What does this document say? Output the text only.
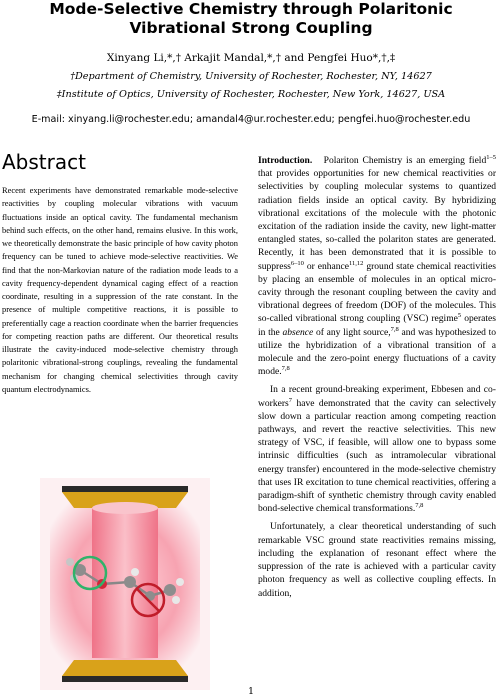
Mode-Selective Chemistry through Polaritonic Vibrational Strong Coupling
Xinyang Li,*,† Arkajit Mandal,*,† and Pengfei Huo*,†,‡
†Department of Chemistry, University of Rochester, Rochester, NY, 14627
‡Institute of Optics, University of Rochester, Rochester, New York, 14627, USA
E-mail: xinyang.li@rochester.edu; amandal4@ur.rochester.edu; pengfei.huo@rochester.edu
Abstract
Recent experiments have demonstrated remarkable mode-selective reactivities by coupling molecular vibrations with vacuum fluctuations inside an optical cavity. The fundamental mechanism behind such effects, on the other hand, remains elusive. In this work, we theoretically demonstrate the basic principle of how cavity photon frequency can be tuned to achieve mode-selective reactivities. We find that the non-Markovian nature of the radiation mode leads to a cavity frequency-dependent dynamical caging effect of a reaction coordinate, resulting in a suppression of the rate constant. In the presence of multiple competitive reactions, it is possible to preferentially cage a reaction coordinate when the barrier frequencies for competing reaction paths are different. Our theoretical results illustrate the cavity-induced mode-selective chemistry through polaritonic vibrational-strong couplings, revealing the fundamental mechanism for changing chemical selectivities through cavity quantum electrodynamics.

Introduction. Polariton Chemistry is an emerging field$^{1-5}$ that provides opportunities for new chemical reactivities or selectivities by coupling molecular systems to quantized radiation fields inside an optical cavity. By hybridizing vibrational excitations of the molecule with the photonic excitation of the radiation inside the cavity, new light-matter entangled states, so-called the polariton states are generated. Recently, it has been demonstrated that it is possible to suppress$^{6-10}$ or enhance$^{11,12}$ ground state chemical reactivities by placing an ensemble of molecules in an optical micro-cavity through the resonant coupling between the cavity and vibrational degrees of freedom (DOF) of the molecules. This so-called vibrational strong coupling (VSC) regime$^5$ operates in the absence of any light source,$^{7,8}$ and was hypothesized to utilize the hybridization of a vibrational transition of a molecule and the zero-point energy fluctuations of a cavity mode.$^{7,8}$

In a recent ground-breaking experiment, Ebbesen and co-workers$^7$ have demonstrated that the cavity can selectively slow down a particular reaction among competing reaction pathways, and revert the reactive selectivities. This new strategy of VSC, if feasible, will allow one to bypass some intrinsic difficulties (such as intramolecular vibrational energy transfer) encountered in the mode-selective chemistry that uses IR excitation to tune chemical reactivities, offering a paradigm-shift of synthetic chemistry through cavity enabled bond-selective chemical transformations.$^{7,8}$

Unfortunately, a clear theoretical understanding of such remarkable VSC ground state reactivities remains missing, including the explanation of resonant effect where the suppression of the rate is achieved with a particular cavity photon frequency as well as collective coupling effects. In addition,

1
